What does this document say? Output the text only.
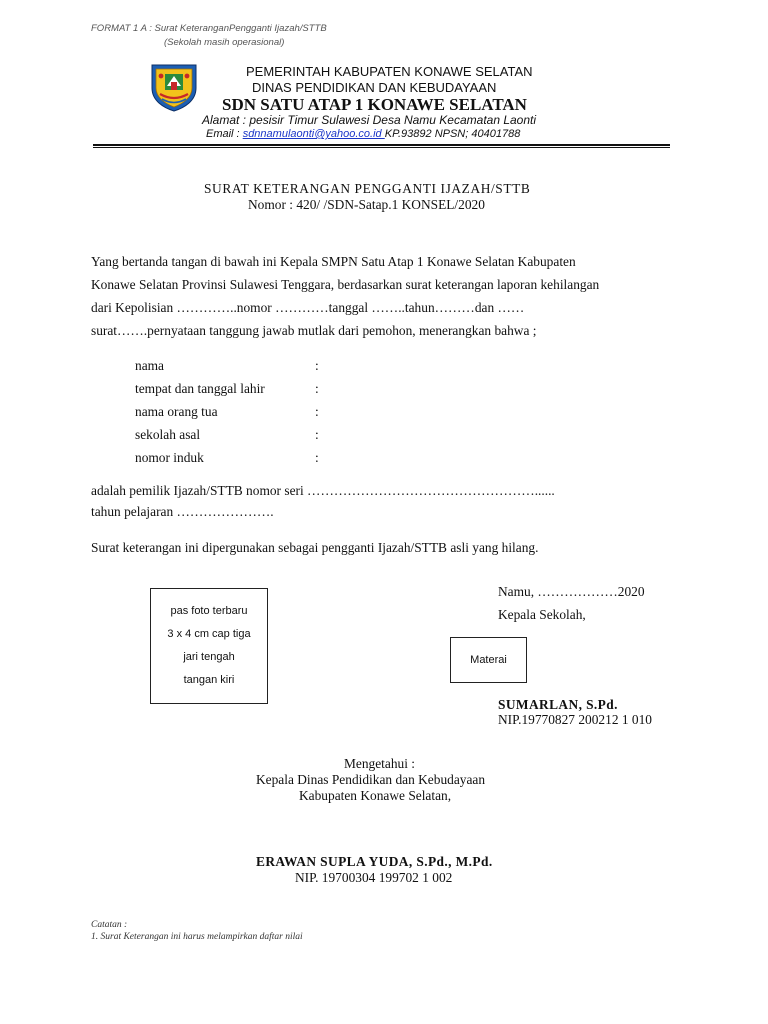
FORMAT 1 A : Surat KeteranganPengganti Ijazah/STTB
(Sekolah masih operasional)
PEMERINTAH KABUPATEN KONAWE SELATAN
DINAS PENDIDIKAN DAN KEBUDAYAAN
SDN SATU ATAP 1 KONAWE SELATAN
Alamat : pesisir Timur Sulawesi Desa Namu Kecamatan Laonti
Email : sdnnamulaonti@yahoo.co.id KP.93892 NPSN; 40401788
SURAT KETERANGAN PENGGANTI IJAZAH/STTB
Nomor : 420/ /SDN-Satap.1 KONSEL/2020
Yang bertanda tangan di bawah ini Kepala SMPN Satu Atap 1 Konawe Selatan Kabupaten
Konawe Selatan Provinsi Sulawesi Tenggara, berdasarkan surat keterangan laporan kehilangan
dari Kepolisian …………..nomor …………tanggal ……..tahun………dan ……
surat…….pernyataan tanggung jawab mutlak dari pemohon, menerangkan bahwa ;
nama	:
tempat dan tanggal lahir	:
nama orang tua	:
sekolah asal	:
nomor induk	:
adalah pemilik Ijazah/STTB nomor seri ……………………………………………......
tahun pelajaran ………………….
Surat keterangan ini dipergunakan sebagai pengganti Ijazah/STTB asli yang hilang.
pas foto terbaru
3 x 4 cm cap tiga
jari tengah
tangan kiri
Materai
Namu, ………………2020
Kepala Sekolah,
SUMARLAN, S.Pd.
NIP.19770827 200212 1 010
Mengetahui :
Kepala Dinas Pendidikan dan Kebudayaan
Kabupaten Konawe Selatan,
ERAWAN SUPLA YUDA, S.Pd., M.Pd.
NIP. 19700304 199702 1 002
Catatan :
1. Surat Keterangan ini harus melampirkan daftar nilai
